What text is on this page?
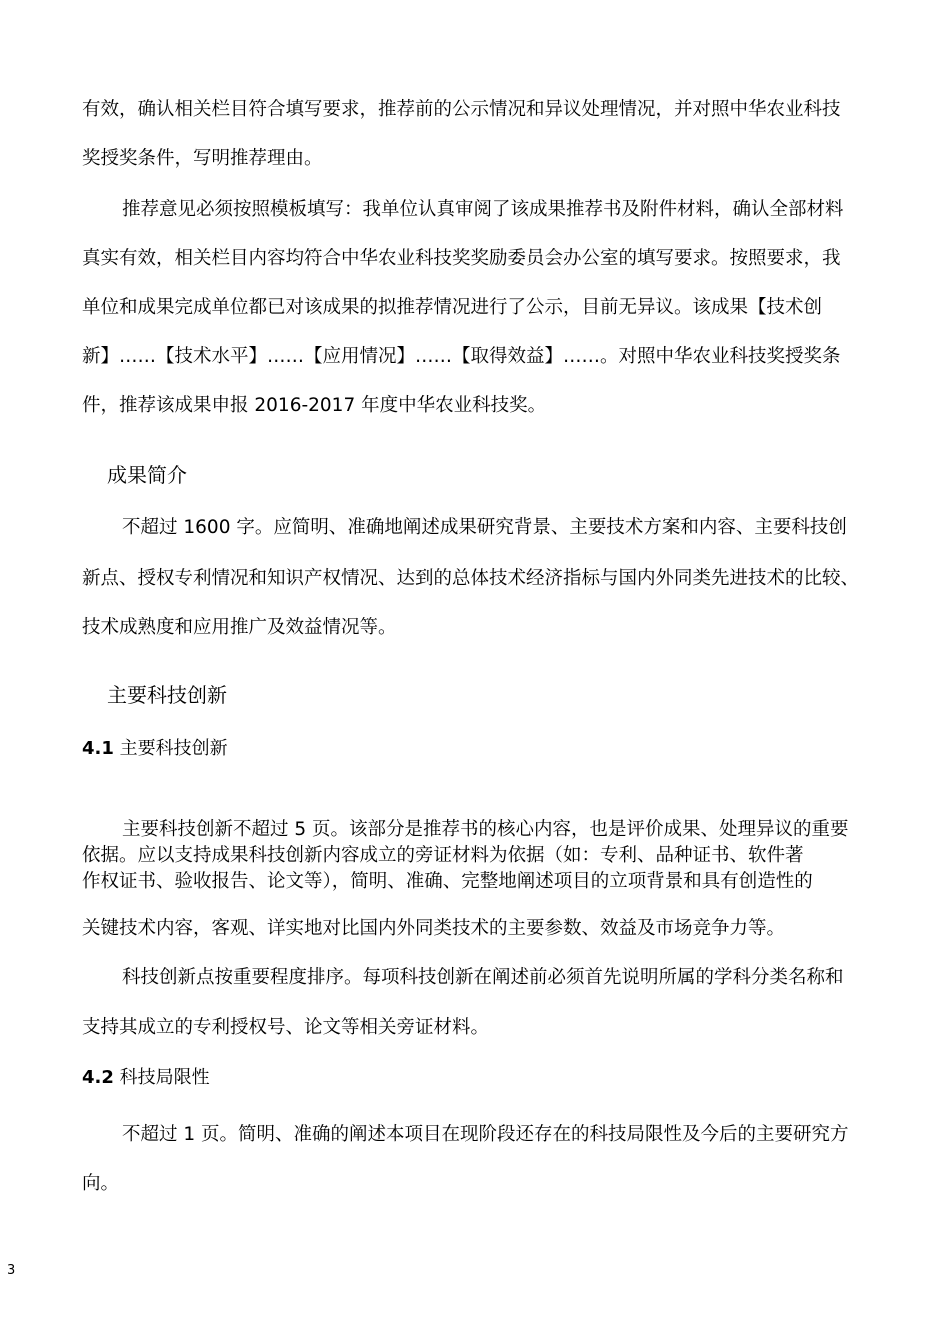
有效，确认相关栏目符合填写要求，推荐前的公示情况和异议处理情况，并对照中华农业科技

奖授奖条件，写明推荐理由。

推荐意见必须按照模板填写：我单位认真审阅了该成果推荐书及附件材料，确认全部材料

真实有效，相关栏目内容均符合中华农业科技奖奖励委员会办公室的填写要求。按照要求，我

单位和成果完成单位都已对该成果的拟推荐情况进行了公示，目前无异议。该成果【技术创

新】……【技术水平】……【应用情况】……【取得效益】……。对照中华农业科技奖授奖条

件，推荐该成果申报 2016-2017 年度中华农业科技奖。

成果简介

不超过 1600 字。应简明、准确地阐述成果研究背景、主要技术方案和内容、主要科技创

新点、授权专利情况和知识产权情况、达到的总体技术经济指标与国内外同类先进技术的比较、

技术成熟度和应用推广及效益情况等。

主要科技创新
4.1 主要科技创新

主要科技创新不超过 5 页。该部分是推荐书的核心内容，也是评价成果、处理异议的重要

依据。应以支持成果科技创新内容成立的旁证材料为依据（如：专利、品种证书、软件著

作权证书、验收报告、论文等），简明、准确、完整地阐述项目的立项背景和具有创造性的

关键技术内容，客观、详实地对比国内外同类技术的主要参数、效益及市场竞争力等。

科技创新点按重要程度排序。每项科技创新在阐述前必须首先说明所属的学科分类名称和

支持其成立的专利授权号、论文等相关旁证材料。

4.2 科技局限性

不超过 1 页。简明、准确的阐述本项目在现阶段还存在的科技局限性及今后的主要研究方

向。

3
